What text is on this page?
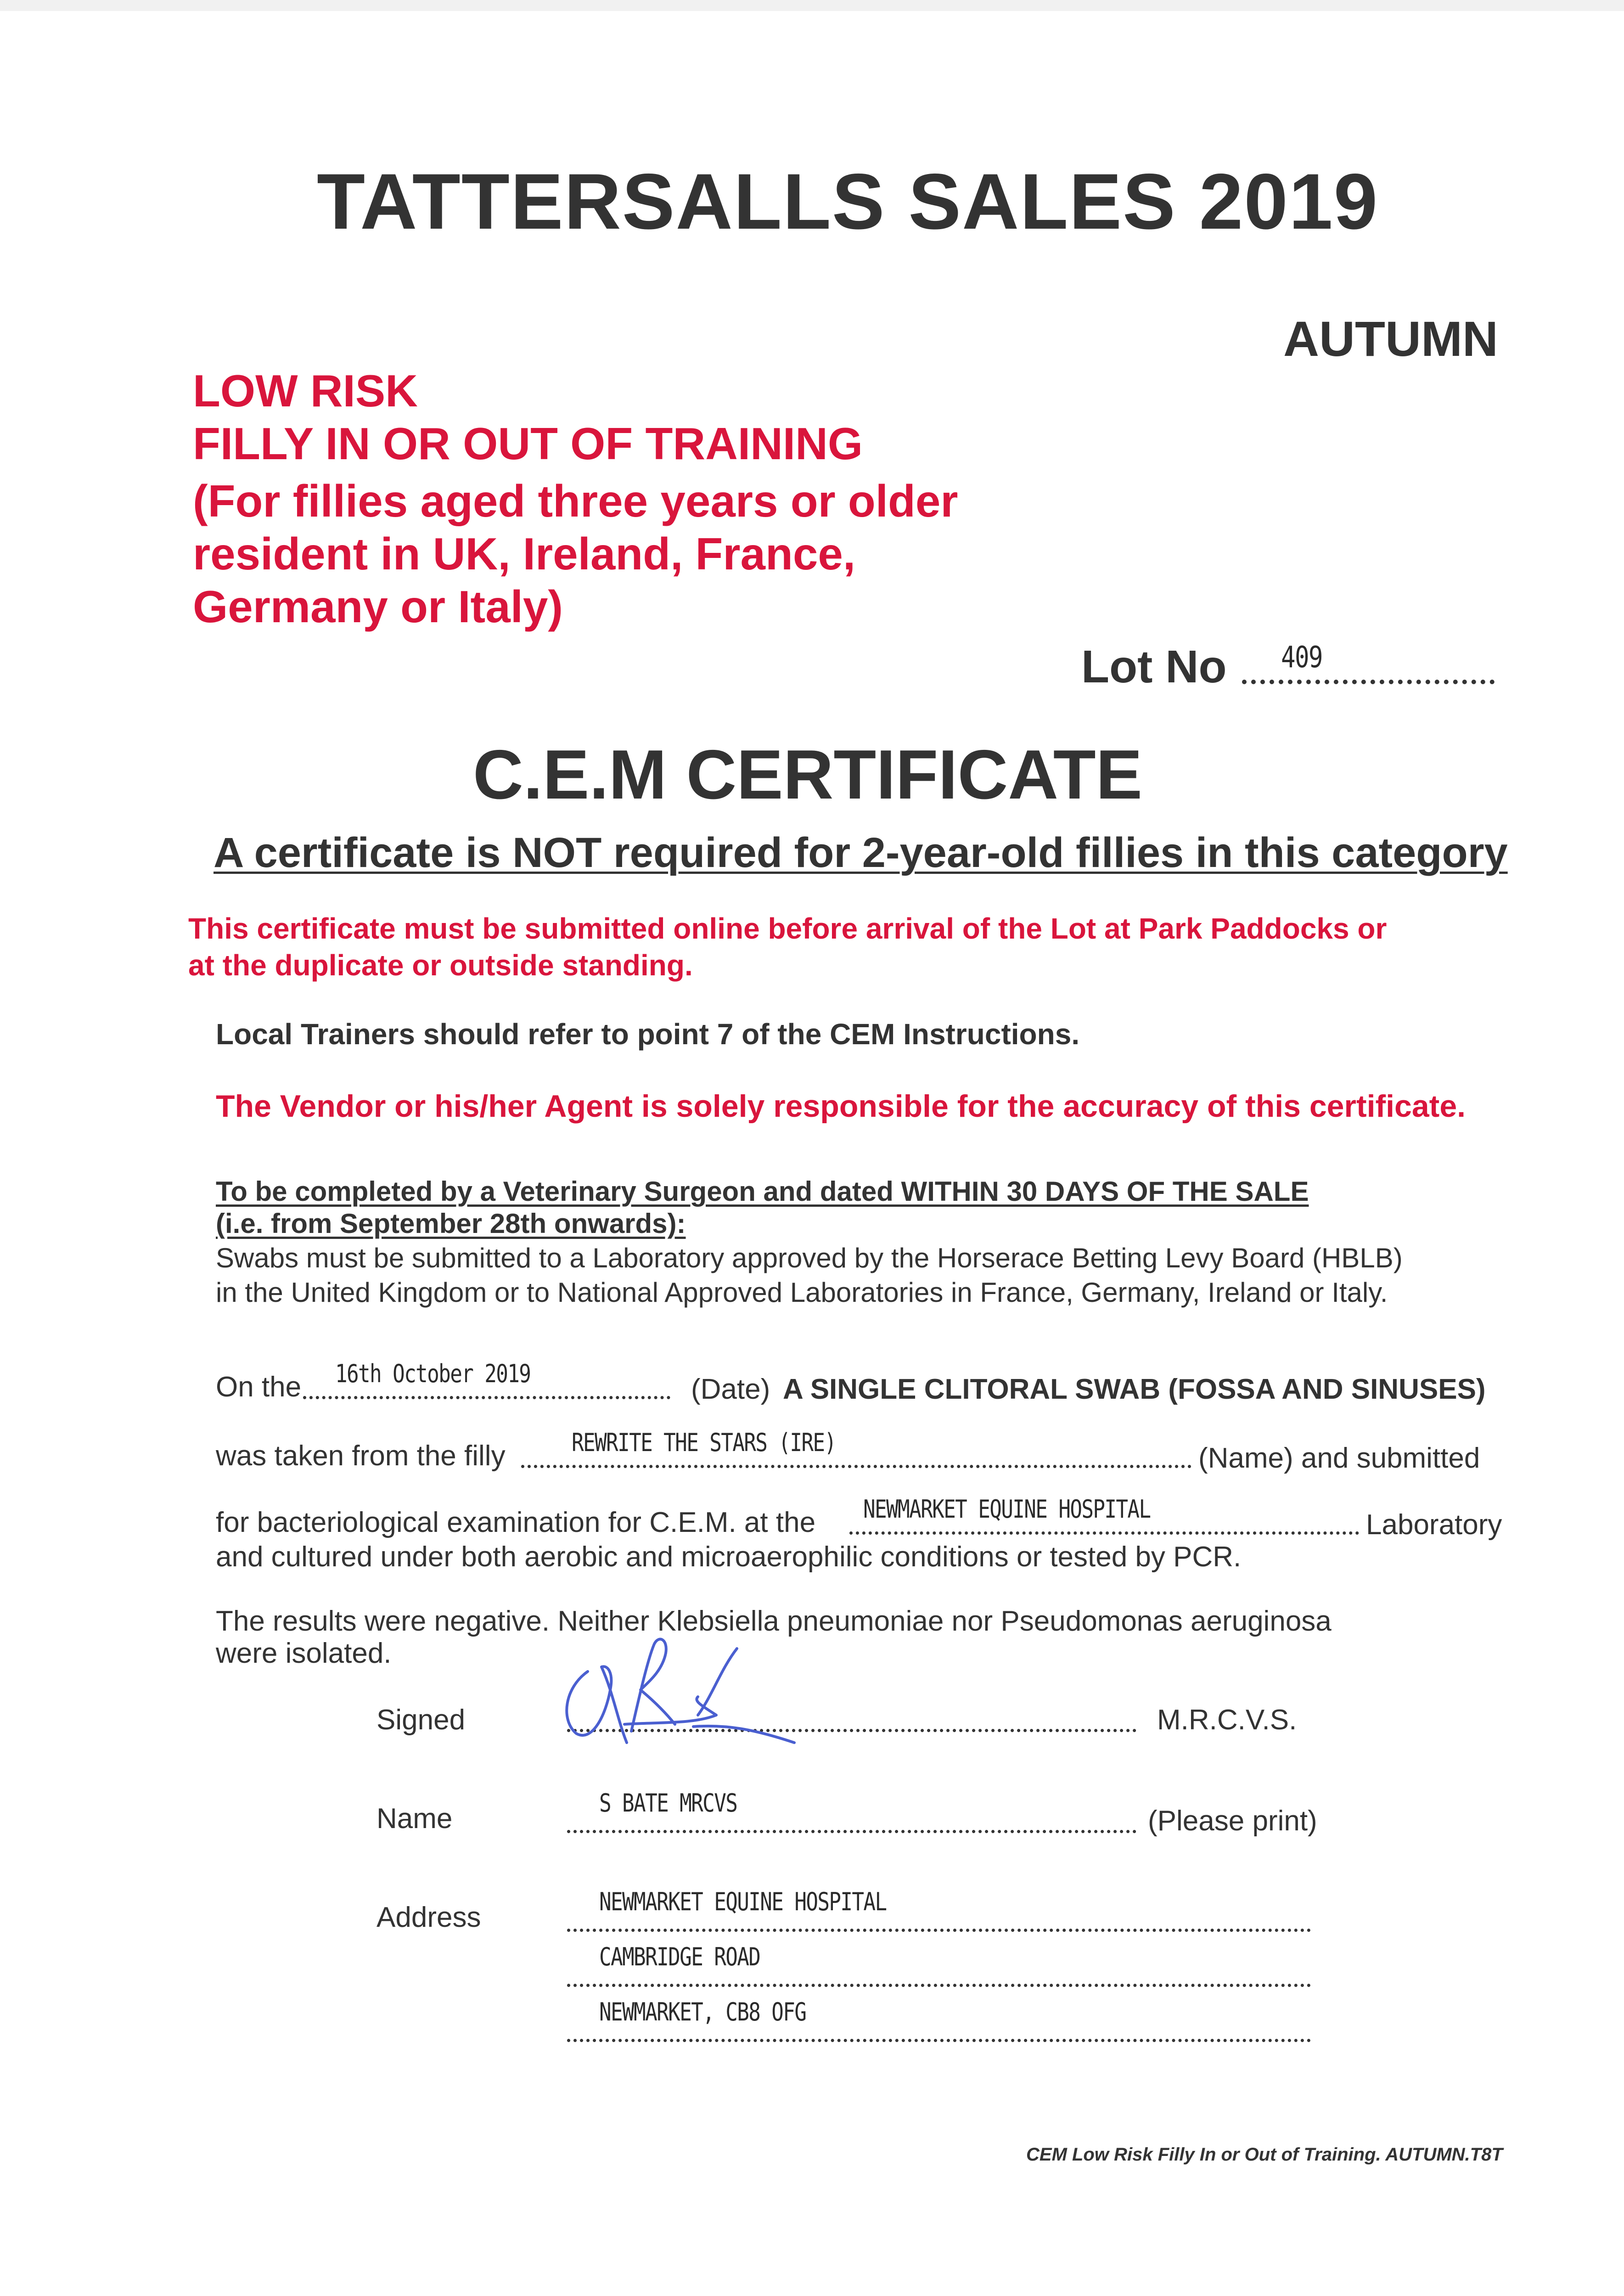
TATTERSALLS SALES 2019
AUTUMN
LOW RISK
FILLY IN OR OUT OF TRAINING
(For fillies aged three years or older
resident in UK, Ireland, France,
Germany or Italy)
Lot No 409
C.E.M CERTIFICATE
A certificate is NOT required for 2-year-old fillies in this category
This certificate must be submitted online before arrival of the Lot at Park Paddocks or
at the duplicate or outside standing.
Local Trainers should refer to point 7 of the CEM Instructions.
The Vendor or his/her Agent is solely responsible for the accuracy of this certificate.
To be completed by a Veterinary Surgeon and dated WITHIN 30 DAYS OF THE SALE
(i.e. from September 28th onwards):
Swabs must be submitted to a Laboratory approved by the Horserace Betting Levy Board (HBLB)
in the United Kingdom or to National Approved Laboratories in France, Germany, Ireland or Italy.
On the 16th October 2019	(Date) A SINGLE CLITORAL SWAB (FOSSA AND SINUSES)
was taken from the filly	REWRITE THE STARS (IRE)	(Name) and submitted
for bacteriological examination for C.E.M. at the NEWMARKET EQUINE HOSPITAL	Laboratory
and cultured under both aerobic and microaerophilic conditions or tested by PCR.
The results were negative. Neither Klebsiella pneumoniae nor Pseudomonas aeruginosa
were isolated.
Signed	M.R.C.V.S.
Name	S BATE MRCVS
(Please print)
Address	NEWMARKET EQUINE HOSPITAL
CAMBRIDGE ROAD
NEWMARKET, CB8 OFG
CEM Low Risk Filly In or Out of Training. AUTUMN.T8T
